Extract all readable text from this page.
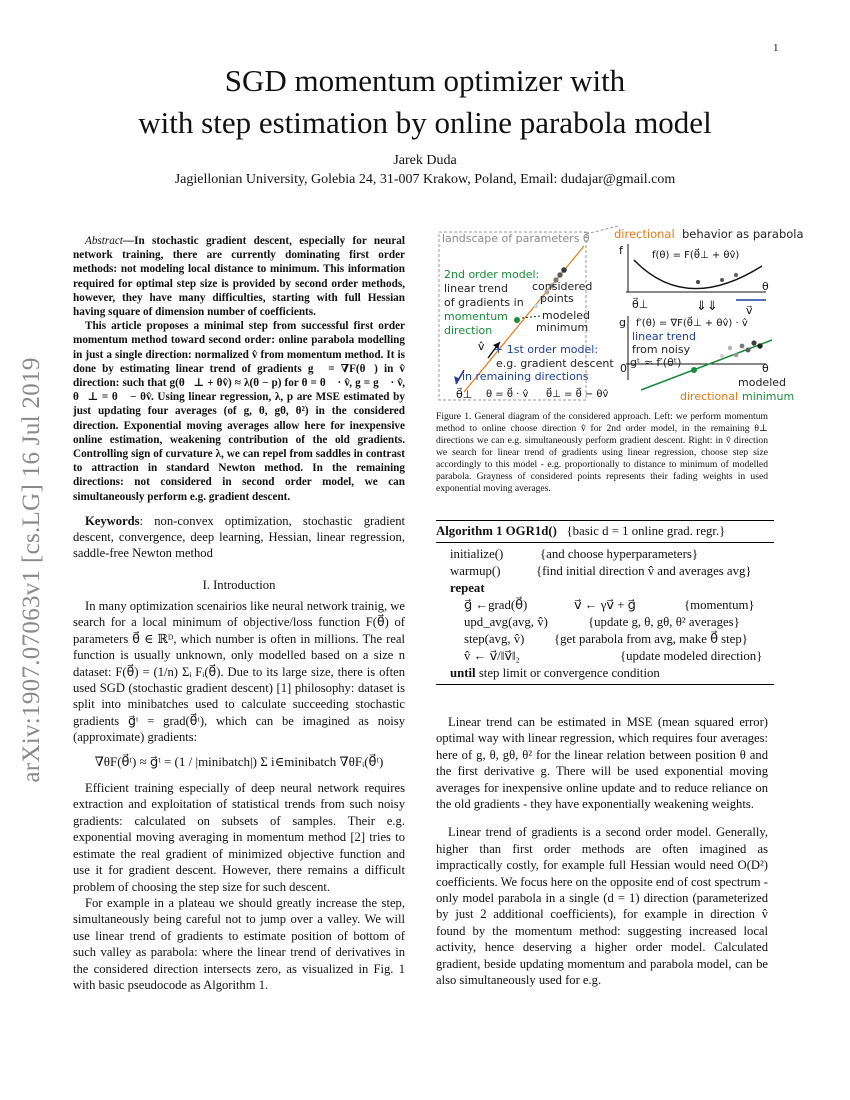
1
arXiv:1907.07063v1 [cs.LG] 16 Jul 2019
SGD momentum optimizer with
with step estimation by online parabola model
Jarek Duda
Jagiellonian University, Golebia 24, 31-007 Krakow, Poland, Email: dudajar@gmail.com

Abstract—In stochastic gradient descent, especially for neural network training, there are currently dominating first order methods: not modeling local distance to minimum. This information required for optimal step size is provided by second order methods, however, they have many difficulties, starting with full Hessian having square of dimension number of coefficients.

This article proposes a minimal step from successful first order momentum method toward second order: online parabola modelling in just a single direction: normalized v̂ from momentum method. It is done by estimating linear trend of gradients g⃗ = ∇F(θ⃗) in v̂ direction: such that g(θ⃗⊥ + θv̂) ≈ λ(θ − p) for θ = θ⃗ · v̂, g = g⃗ · v̂, θ⃗⊥ = θ⃗ − θv̂. Using linear regression, λ, p are MSE estimated by just updating four averages (of g, θ, gθ, θ²) in the considered direction. Exponential moving averages allow here for inexpensive online estimation, weakening contribution of the old gradients. Controlling sign of curvature λ, we can repel from saddles in contrast to attraction in standard Newton method. In the remaining directions: not considered in second order model, we can simultaneously perform e.g. gradient descent.

Keywords: non-convex optimization, stochastic gradient descent, convergence, deep learning, Hessian, linear regression, saddle-free Newton method
I. Introduction

In many optimization scenairios like neural network trainig, we search for a local minimum of objective/loss function F(θ⃗) of parameters θ⃗ ∈ ℝᴰ, which number is often in millions. The real function is usually unknown, only modelled based on a size n dataset: F(θ⃗) = (1/n) Σᵢ Fᵢ(θ⃗). Due to its large size, there is often used SGD (stochastic gradient descent) [1] philosophy: dataset is split into minibatches used to calculate succeeding stochastic gradients g⃗ᵗ = grad(θ⃗ᵗ), which can be imagined as noisy (approximate) gradients:

∇θF(θ⃗ᵗ) ≈ g⃗ᵗ = (1 / |minibatch|) Σ i∈minibatch ∇θFᵢ(θ⃗ᵗ)

Efficient training especially of deep neural network requires extraction and exploitation of statistical trends from such noisy gradients: calculated on subsets of samples. Their e.g. exponential moving averaging in momentum method [2] tries to estimate the real gradient of minimized objective function and use it for gradient descent. However, there remains a difficult problem of choosing the step size for such descent.

For example in a plateau we should greatly increase the step, simultaneously being careful not to jump over a valley. We will use linear trend of gradients to estimate position of bottom of such valley as parabola: where the linear trend of derivatives in the considered direction intersects zero, as visualized in Fig. 1 with basic pseudocode as Algorithm 1.

landscape of parameters θ⃗
2nd order model:
linear trend
of gradients in
momentum
direction
considered
points
modeled
minimum
v̂ + 1st order model:
e.g. gradient descent
in remaining directions
θ⃗⊥ θ = θ⃗ · v̂ θ⃗⊥ = θ⃗ − θv̂
directional behavior as parabola
f	f(θ) = F(θ⃗⊥ + θv̂)
θ⃗⊥
θ
⇓⇓	v⃗
g f′(θ) = ∇F(θ⃗⊥ + θv̂) · v̂
linear trend
from noisy
gᵗ ≈ f′(θᵗ)
0	θ
modeled
directional minimum
Figure 1. General diagram of the considered approach. Left: we perform momentum method to online choose direction v̂ for 2nd order model, in the remaining θ⊥ directions we can e.g. simultaneously perform gradient descent. Right: in v̂ direction we search for linear trend of gradients using linear regression, choose step size accordingly to this model - e.g. proportionally to distance to minimum of modelled parabola. Grayness of considered points represents their fading weights in used exponential moving averages.
Algorithm 1 OGR1d() {basic d = 1 online grad. regr.}
initialize()	{and choose hyperparameters}
warmup()	{find initial direction v̂ and averages avg}
repeat
g⃗ ←grad(θ⃗)	v⃗ ← γv⃗ + g⃗	{momentum}
upd_avg(avg, v̂)	{update g, θ, gθ, θ² averages}
step(avg, v̂) {get parabola from avg, make θ⃗ step}
v̂ ← v⃗/‖v⃗‖₂	{update modeled direction}
until step limit or convergence condition

Linear trend can be estimated in MSE (mean squared error) optimal way with linear regression, which requires four averages: here of g, θ, gθ, θ² for the linear relation between position θ and the first derivative g. There will be used exponential moving averages for inexpensive online update and to reduce reliance on the old gradients - they have exponentially weakening weights.

Linear trend of gradients is a second order model. Generally, higher than first order methods are often imagined as impractically costly, for example full Hessian would need O(D²) coefficients. We focus here on the opposite end of cost spectrum - only model parabola in a single (d = 1) direction (parameterized by just 2 additional coefficients), for example in direction v̂ found by the momentum method: suggesting increased local activity, hence deserving a higher order model. Calculated gradient, beside updating momentum and parabola model, can be also simultaneously used for e.g.
